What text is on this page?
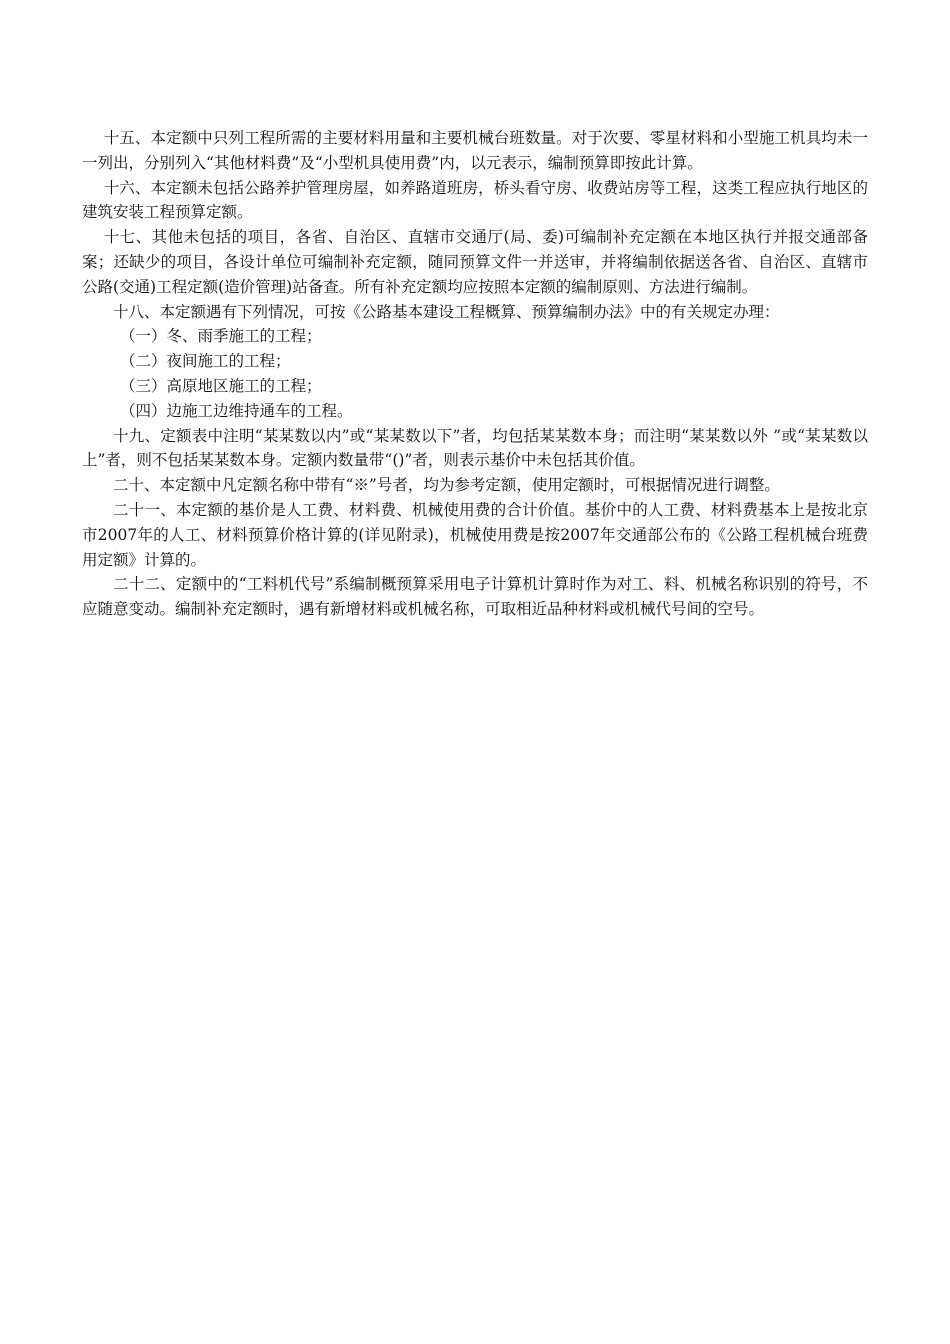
十五、本定额中只列工程所需的主要材料用量和主要机械台班数量。对于次要、零星材料和小型施工机具均未一一列出，分别列入“其他材料费”及“小型机具使用费”内，以元表示，编制预算即按此计算。

十六、本定额未包括公路养护管理房屋，如养路道班房，桥头看守房、收费站房等工程，这类工程应执行地区的建筑安装工程预算定额。

十七、其他未包括的项目，各省、自治区、直辖市交通厅(局、委)可编制补充定额在本地区执行并报交通部备案；还缺少的项目，各设计单位可编制补充定额，随同预算文件一并送审，并将编制依据送各省、自治区、直辖市公路(交通)工程定额(造价管理)站备查。所有补充定额均应按照本定额的编制原则、方法进行编制。

十八、本定额遇有下列情况，可按《公路基本建设工程概算、预算编制办法》中的有关规定办理：

（一）冬、雨季施工的工程；

（二）夜间施工的工程；

（三）高原地区施工的工程；

（四）边施工边维持通车的工程。

十九、定额表中注明“某某数以内”或“某某数以下”者，均包括某某数本身；而注明“某某数以外 ”或“某某数以上”者，则不包括某某数本身。定额内数量带“()”者，则表示基价中未包括其价值。

二十、本定额中凡定额名称中带有“※”号者，均为参考定额，使用定额时，可根据情况进行调整。

二十一、本定额的基价是人工费、材料费、机械使用费的合计价值。基价中的人工费、材料费基本上是按北京市2007年的人工、材料预算价格计算的(详见附录)，机械使用费是按2007年交通部公布的《公路工程机械台班费用定额》计算的。

二十二、定额中的“工料机代号”系编制概预算采用电子计算机计算时作为对工、料、机械名称识别的符号，不应随意变动。编制补充定额时，遇有新增材料或机械名称，可取相近品种材料或机械代号间的空号。
